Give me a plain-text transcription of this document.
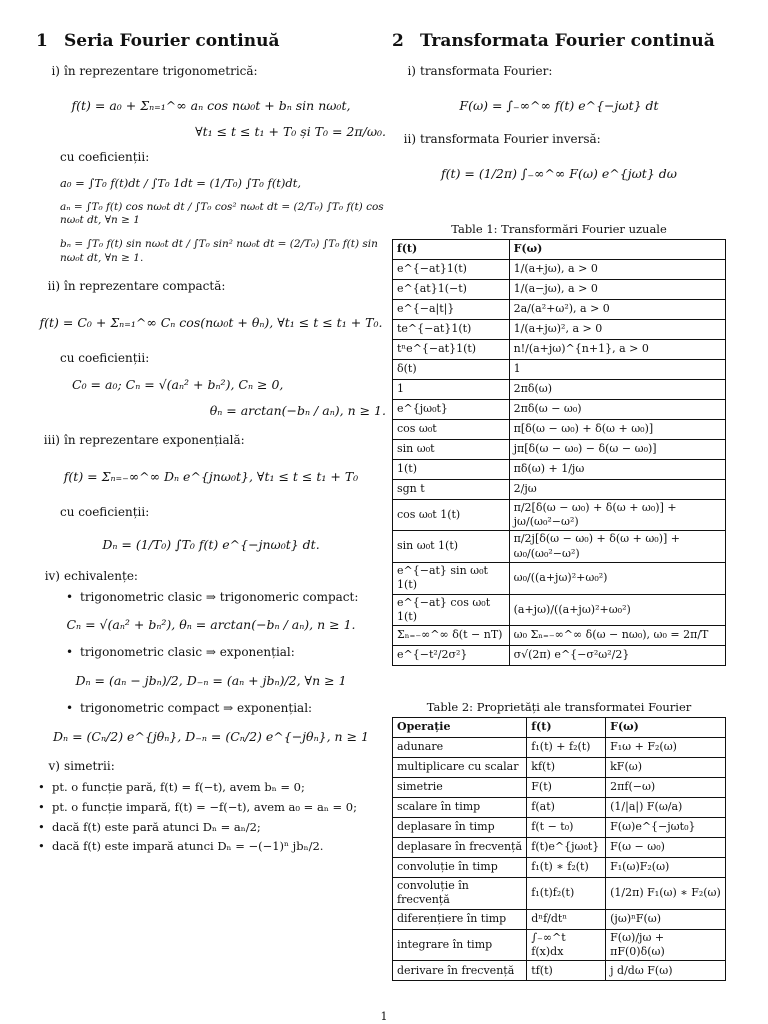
1 Seria Fourier continuă
i) în reprezentare trigonometrică:
f(t) = a₀ + Σₙ₌₁^∞ aₙ cos nω₀t + bₙ sin nω₀t,
∀t₁ ≤ t ≤ t₁ + T₀ și T₀ = 2π/ω₀.
cu coeficienții:
a₀ = ∫T₀ f(t)dt / ∫T₀ 1dt = (1/T₀) ∫T₀ f(t)dt,
aₙ = ∫T₀ f(t) cos nω₀t dt / ∫T₀ cos² nω₀t dt = (2/T₀) ∫T₀ f(t) cos nω₀t dt, ∀n ≥ 1
bₙ = ∫T₀ f(t) sin nω₀t dt / ∫T₀ sin² nω₀t dt = (2/T₀) ∫T₀ f(t) sin nω₀t dt, ∀n ≥ 1.
ii) în reprezentare compactă:
f(t) = C₀ + Σₙ₌₁^∞ Cₙ cos(nω₀t + θₙ), ∀t₁ ≤ t ≤ t₁ + T₀.
cu coeficienții:
C₀ = a₀; Cₙ = √(aₙ² + bₙ²), Cₙ ≥ 0,
θₙ = arctan(−bₙ / aₙ), n ≥ 1.
iii) în reprezentare exponențială:
f(t) = Σₙ₌₋∞^∞ Dₙ e^{jnω₀t}, ∀t₁ ≤ t ≤ t₁ + T₀
cu coeficienții:
Dₙ = (1/T₀) ∫T₀ f(t) e^{−jnω₀t} dt.
iv) echivalențe:
• trigonometric clasic ⇒ trigonomeric compact:
Cₙ = √(aₙ² + bₙ²), θₙ = arctan(−bₙ / aₙ), n ≥ 1.
• trigonometric clasic ⇒ exponențial:
Dₙ = (aₙ − jbₙ)/2, D₋ₙ = (aₙ + jbₙ)/2, ∀n ≥ 1
• trigonometric compact ⇒ exponențial:
Dₙ = (Cₙ/2) e^{jθₙ}, D₋ₙ = (Cₙ/2) e^{−jθₙ}, n ≥ 1
v) simetrii:
• pt. o funcție pară, f(t) = f(−t), avem bₙ = 0;
• pt. o funcție impară, f(t) = −f(−t), avem a₀ = aₙ = 0;
• dacă f(t) este pară atunci Dₙ = aₙ/2;
• dacă f(t) este impară atunci Dₙ = −(−1)ⁿ jbₙ/2.
2 Transformata Fourier continuă
i) transformata Fourier:
F(ω) = ∫₋∞^∞ f(t) e^{−jωt} dt
ii) transformata Fourier inversă:
f(t) = (1/2π) ∫₋∞^∞ F(ω) e^{jωt} dω
Table 1: Transformări Fourier uzuale
f(t)	F(ω)
e^{−at}1(t)	1/(a+jω), a > 0
e^{at}1(−t)	1/(a−jω), a > 0
e^{−a|t|}	2a/(a²+ω²), a > 0
te^{−at}1(t)	1/(a+jω)², a > 0
tⁿe^{−at}1(t)	n!/(a+jω)^{n+1}, a > 0
δ(t)	1
1	2πδ(ω)
e^{jω₀t}	2πδ(ω − ω₀)
cos ω₀t	π[δ(ω − ω₀) + δ(ω + ω₀)]
sin ω₀t	jπ[δ(ω − ω₀) − δ(ω − ω₀)]
1(t)	πδ(ω) + 1/jω
sgn t	2/jω
cos ω₀t 1(t)	π/2[δ(ω − ω₀) + δ(ω + ω₀)] + jω/(ω₀²−ω²)
sin ω₀t 1(t)	π/2j[δ(ω − ω₀) + δ(ω + ω₀)] + ω₀/(ω₀²−ω²)
e^{−at} sin ω₀t 1(t)	ω₀/((a+jω)²+ω₀²)
e^{−at} cos ω₀t 1(t)	(a+jω)/((a+jω)²+ω₀²)
Σₙ₌₋∞^∞ δ(t − nT)	ω₀ Σₙ₌₋∞^∞ δ(ω − nω₀), ω₀ = 2π/T
e^{−t²/2σ²}	σ√(2π) e^{−σ²ω²/2}
Table 2: Proprietăți ale transformatei Fourier
Operație	f(t)	F(ω)
adunare	f₁(t) + f₂(t)	F₁ω + F₂(ω)
multiplicare cu scalar	kf(t)	kF(ω)
simetrie	F(t)	2πf(−ω)
scalare în timp	f(at)	(1/|a|) F(ω/a)
deplasare în timp	f(t − t₀)	F(ω)e^{−jωt₀}
deplasare în frecvență	f(t)e^{jω₀t}	F(ω − ω₀)
convoluție în timp	f₁(t) ∗ f₂(t)	F₁(ω)F₂(ω)
convoluție în frecvență	f₁(t)f₂(t)	(1/2π) F₁(ω) ∗ F₂(ω)
diferențiere în timp	dⁿf/dtⁿ	(jω)ⁿF(ω)
integrare în timp	∫₋∞^t f(x)dx	F(ω)/jω + πF(0)δ(ω)
derivare în frecvență	tf(t)	j d/dω F(ω)
1
